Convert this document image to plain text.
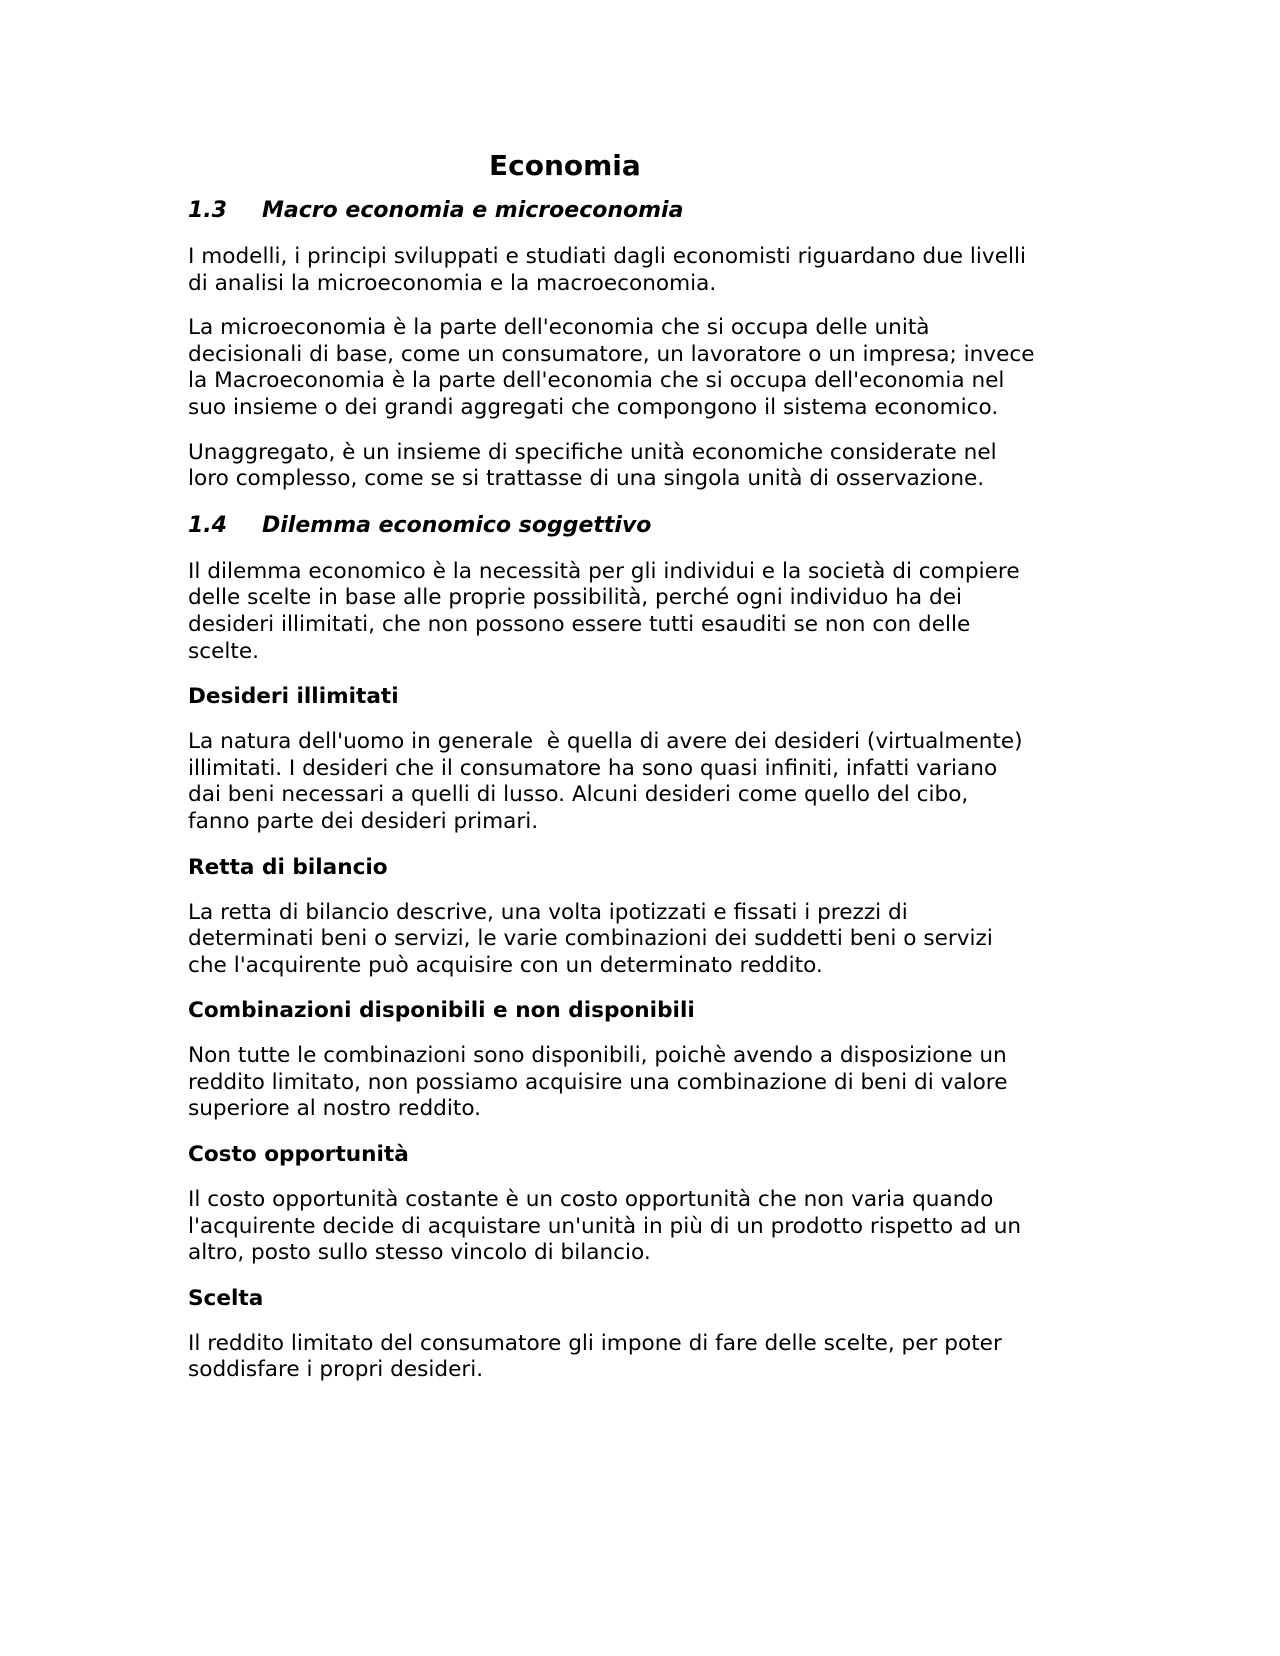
Economia
1.3	Macro economia e microeconomia

I modelli, i principi sviluppati e studiati dagli economisti riguardano due livelli
di analisi la microeconomia e la macroeconomia.

La microeconomia è la parte dell'economia che si occupa delle unità
decisionali di base, come un consumatore, un lavoratore o un impresa; invece
la Macroeconomia è la parte dell'economia che si occupa dell'economia nel
suo insieme o dei grandi aggregati che compongono il sistema economico.

Unaggregato, è un insieme di specifiche unità economiche considerate nel
loro complesso, come se si trattasse di una singola unità di osservazione.

1.4	Dilemma economico soggettivo

Il dilemma economico è la necessità per gli individui e la società di compiere
delle scelte in base alle proprie possibilità, perché ogni individuo ha dei
desideri illimitati, che non possono essere tutti esauditi se non con delle
scelte.

Desideri illimitati

La natura dell'uomo in generale  è quella di avere dei desideri (virtualmente)
illimitati. I desideri che il consumatore ha sono quasi infiniti, infatti variano
dai beni necessari a quelli di lusso. Alcuni desideri come quello del cibo,
fanno parte dei desideri primari.

Retta di bilancio

La retta di bilancio descrive, una volta ipotizzati e fissati i prezzi di
determinati beni o servizi, le varie combinazioni dei suddetti beni o servizi
che l'acquirente può acquisire con un determinato reddito.

Combinazioni disponibili e non disponibili

Non tutte le combinazioni sono disponibili, poichè avendo a disposizione un
reddito limitato, non possiamo acquisire una combinazione di beni di valore
superiore al nostro reddito.

Costo opportunità

Il costo opportunità costante è un costo opportunità che non varia quando
l'acquirente decide di acquistare un'unità in più di un prodotto rispetto ad un
altro, posto sullo stesso vincolo di bilancio.

Scelta

Il reddito limitato del consumatore gli impone di fare delle scelte, per poter
soddisfare i propri desideri.
